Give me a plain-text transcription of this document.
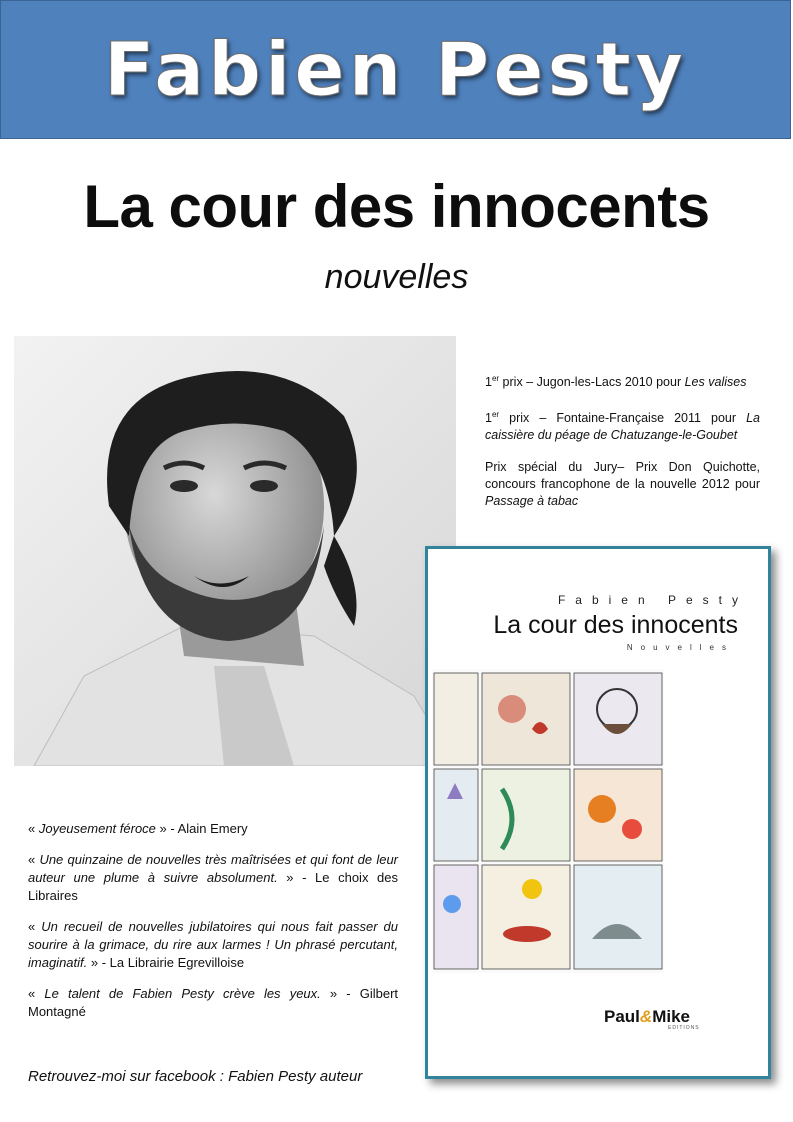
Fabien Pesty
La cour des innocents
nouvelles

1er prix – Jugon-les-Lacs 2010 pour Les valises

1er prix – Fontaine-Française 2011 pour La caissière du péage de Chatuzange-le-Goubet

Prix spécial du Jury– Prix Don Quichotte, concours francophone de la nouvelle 2012 pour Passage à tabac

Fabien Pesty
La cour des innocents
Nouvelles
Paul&Mike
EDITIONS

« Joyeusement féroce » - Alain Emery

« Une quinzaine de nouvelles très maîtrisées et qui font de leur auteur une plume à suivre absolument. » - Le choix des Libraires

« Un recueil de nouvelles jubilatoires qui nous fait passer du sourire à la grimace, du rire aux larmes ! Un phrasé percutant, imaginatif. » - La Librairie Egrevilloise

« Le talent de Fabien Pesty crève les yeux. » - Gilbert Montagné

Retrouvez-moi sur facebook : Fabien Pesty auteur
